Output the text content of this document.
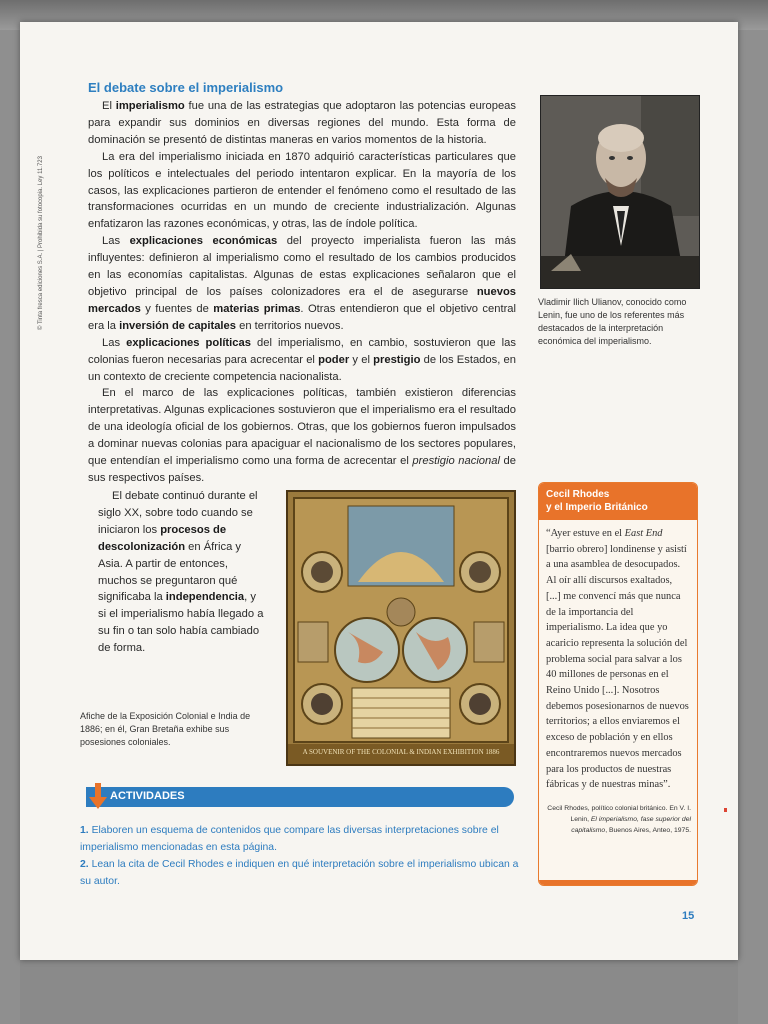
© Tinta fresca ediciones S.A. | Prohibida su fotocopia. Ley 11.723
El debate sobre el imperialismo

El imperialismo fue una de las estrategias que adoptaron las potencias europeas para expandir sus dominios en diversas regiones del mundo. Esta forma de dominación se presentó de distintas maneras en varios momentos de la historia.

La era del imperialismo iniciada en 1870 adquirió características particulares que los políticos e intelectuales del periodo intentaron explicar. En la mayoría de los casos, las explicaciones partieron de entender el fenómeno como el resultado de las transformaciones ocurridas en un mundo de creciente industrialización. Algunas enfatizaron las razones económicas, y otras, las de índole política.

Las explicaciones económicas del proyecto imperialista fueron las más influyentes: definieron al imperialismo como el resultado de los cambios producidos en las economías capitalistas. Algunas de estas explicaciones señalaron que el objetivo principal de los países colonizadores era el de asegurarse nuevos mercados y fuentes de materias primas. Otras entendieron que el objetivo central era la inversión de capitales en territorios nuevos.

Las explicaciones políticas del imperialismo, en cambio, sostuvieron que las colonias fueron necesarias para acrecentar el poder y el prestigio de los Estados, en un contexto de creciente competencia nacionalista.

En el marco de las explicaciones políticas, también existieron diferencias interpretativas. Algunas explicaciones sostuvieron que el imperialismo era el resultado de una ideología oficial de los gobiernos. Otras, que los gobiernos fueron impulsados a dominar nuevas colonias para apaciguar el nacionalismo de los sectores populares, que entendían el imperialismo como una forma de acrecentar el prestigio nacional de sus respectivos países.

El debate continuó durante el siglo XX, sobre todo cuando se iniciaron los procesos de descolonización en África y Asia. A partir de entonces, muchos se preguntaron qué significaba la independencia, y si el imperialismo había llegado a su fin o tan solo había cambiado de forma.

Vladimir Ilich Ulianov, conocido como Lenin, fue uno de los referentes más destacados de la interpretación económica del imperialismo.
A SOUVENIR OF THE COLONIAL & INDIAN EXHIBITION 1886
Afiche de la Exposición Colonial e India de 1886; en él, Gran Bretaña exhibe sus posesiones coloniales.
Cecil Rhodes
y el Imperio Británico
“Ayer estuve en el East End [barrio obrero] londinense y asistí a una asamblea de desocupados. Al oír allí discursos exaltados, [...] me convencí más que nunca de la importancia del imperialismo. La idea que yo acaricio representa la solución del problema social para salvar a los 40 millones de personas en el Reino Unido [...]. Nosotros debemos posesionarnos de nuevos territorios; a ellos enviaremos el exceso de población y en ellos encontraremos nuevos mercados para los productos de nuestras fábricas y de nuestras minas”.
Cecil Rhodes, político colonial británico. En V. I. Lenin, El imperialismo, fase superior del capitalismo, Buenos Aires, Anteo, 1975.
ACTIVIDADES

1. Elaboren un esquema de contenidos que compare las diversas interpretaciones sobre el imperialismo mencionadas en esta página.

2. Lean la cita de Cecil Rhodes e indiquen en qué interpretación sobre el imperialismo ubican a su autor.

15
